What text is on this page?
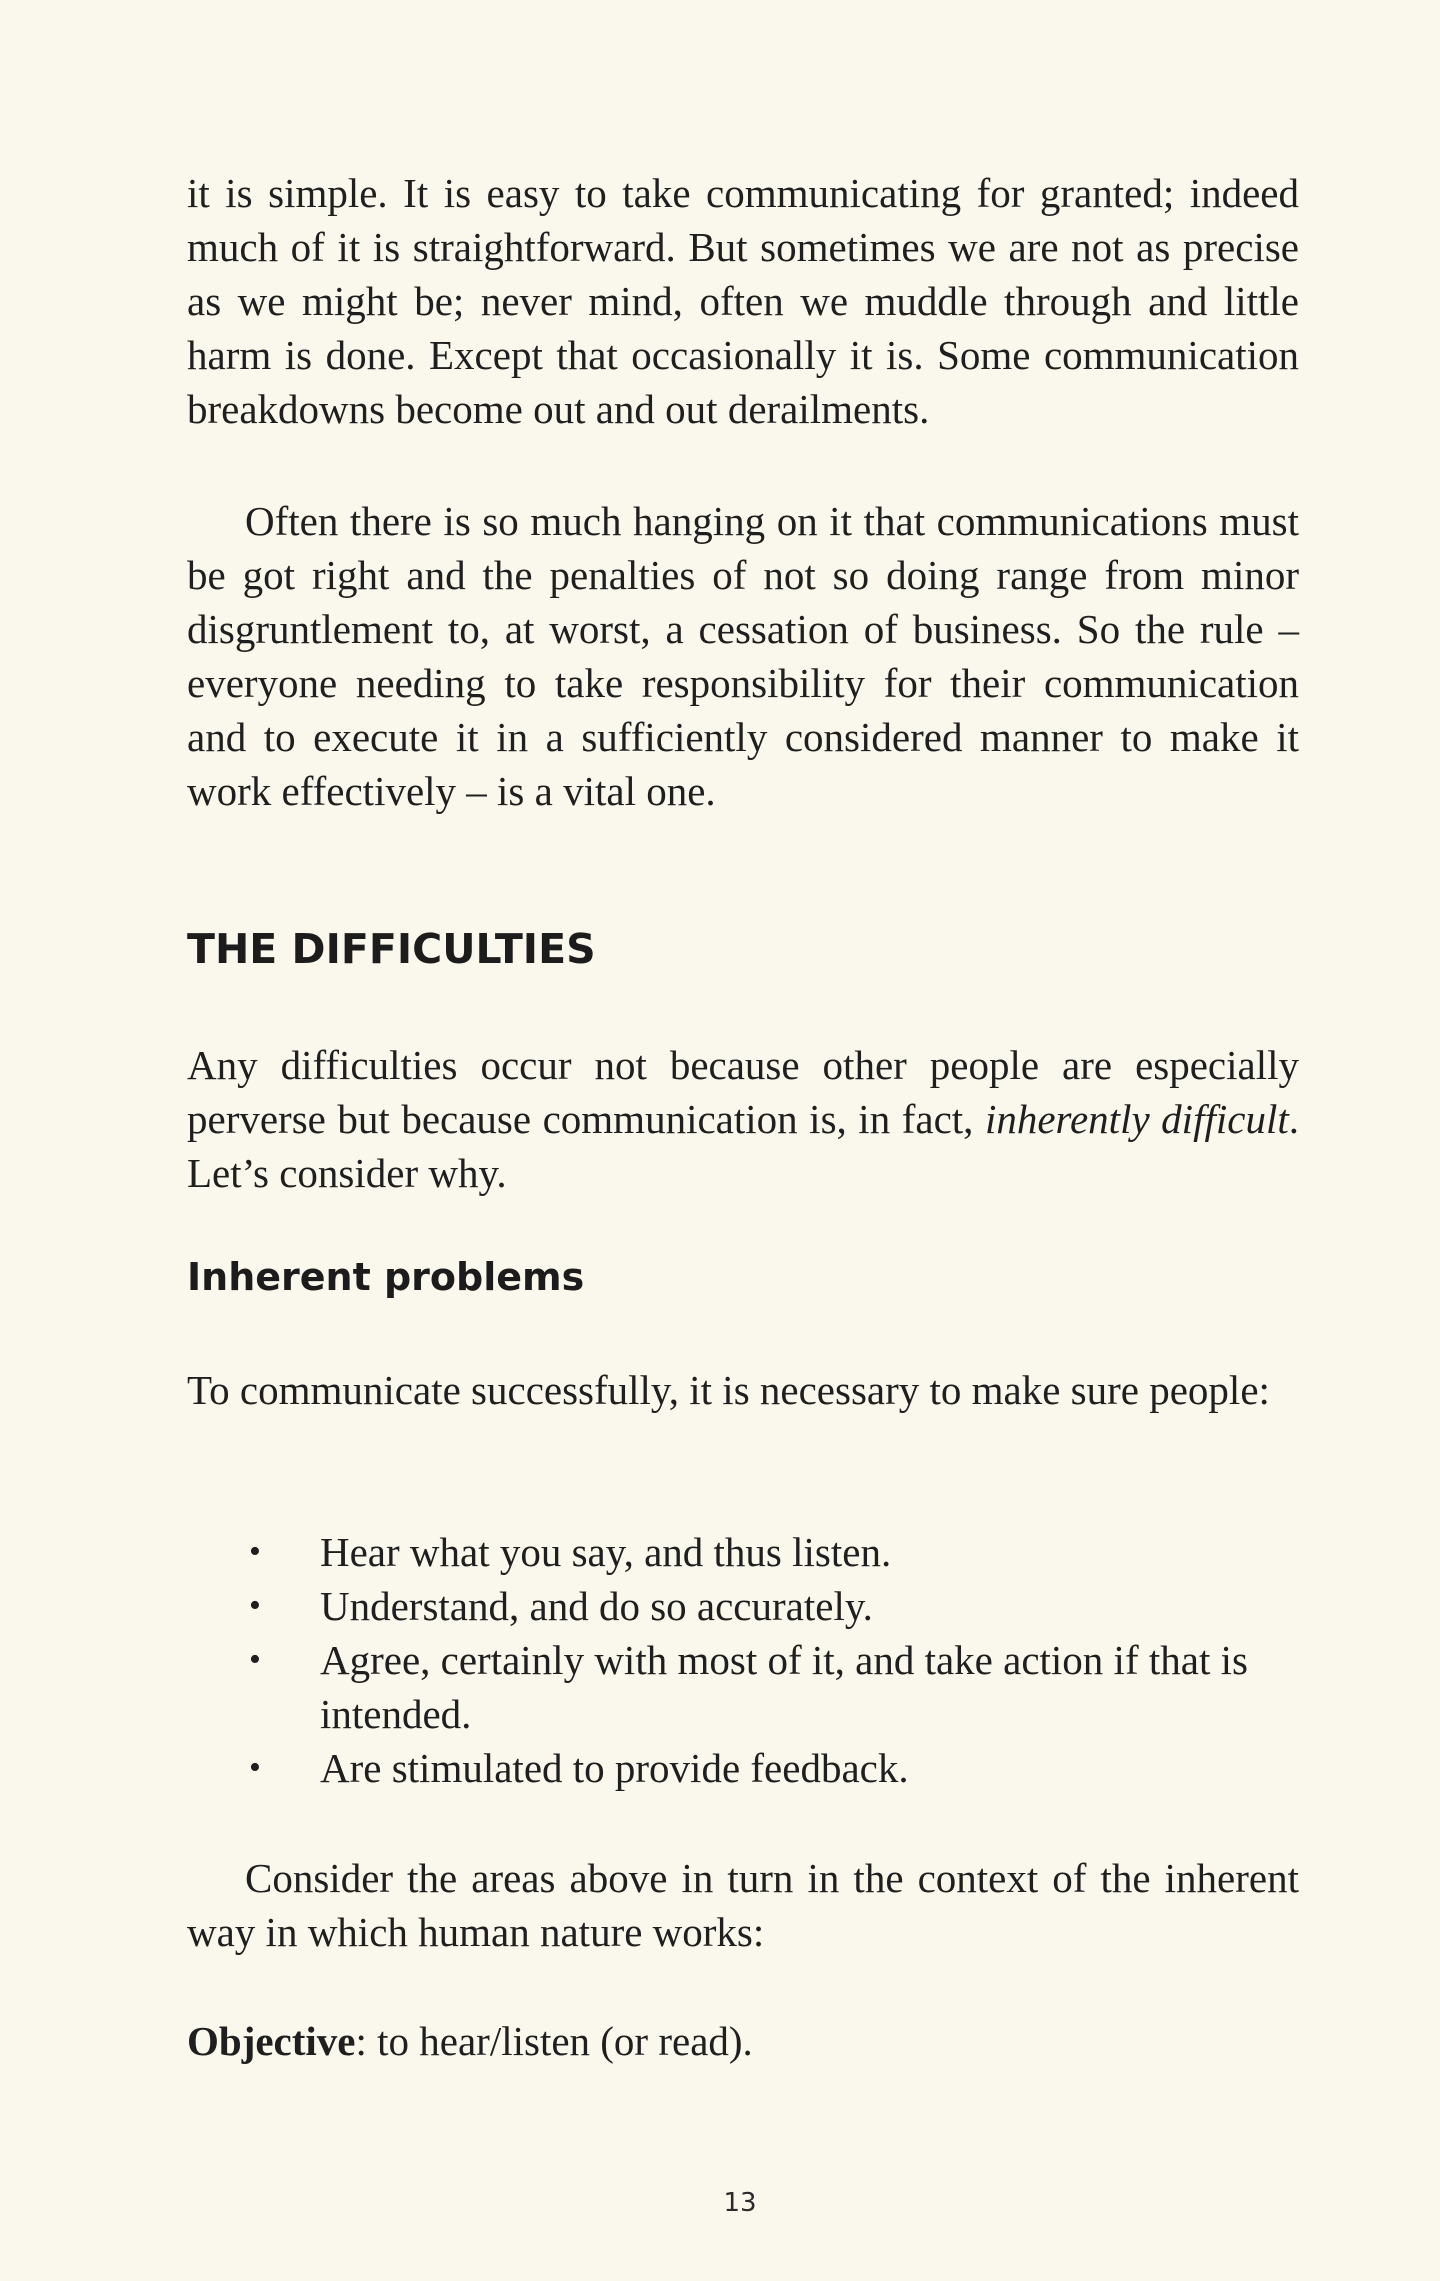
it is simple. It is easy to take communicating for granted; indeed much of it is straightforward. But sometimes we are not as precise as we might be; never mind, often we muddle through and little harm is done. Except that occasionally it is. Some communication breakdowns become out and out derailments.

Often there is so much hanging on it that communications must be got right and the penalties of not so doing range from minor disgruntlement to, at worst, a cessation of business. So the rule – everyone needing to take responsibility for their communication and to execute it in a sufficiently considered manner to make it work effectively – is a vital one.

THE DIFFICULTIES

Any difficulties occur not because other people are especially perverse but because communication is, in fact, inherently difficult. Let’s consider why.

Inherent problems

To communicate successfully, it is necessary to make sure people:

• Hear what you say, and thus listen.
• Understand, and do so accurately.
• Agree, certainly with most of it, and take action if that is intended.
• Are stimulated to provide feedback.

Consider the areas above in turn in the context of the inherent way in which human nature works:

Objective: to hear/listen (or read).

13
